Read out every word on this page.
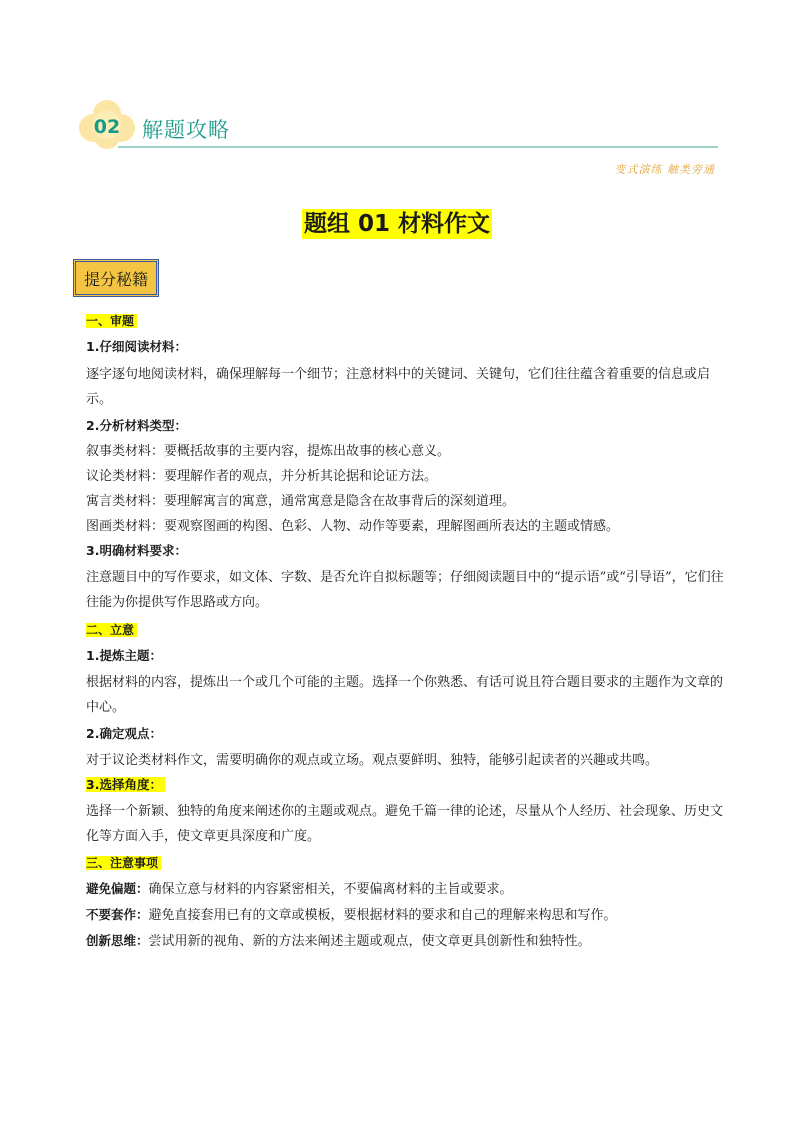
02 解题攻略
变式演练 触类旁通
题组 01 材料作文
提分秘籍
一、审题
1.仔细阅读材料：

逐字逐句地阅读材料，确保理解每一个细节；注意材料中的关键词、关键句，它们往往蕴含着重要的信息或启示。

2.分析材料类型：

叙事类材料：要概括故事的主要内容，提炼出故事的核心意义。

议论类材料：要理解作者的观点，并分析其论据和论证方法。

寓言类材料：要理解寓言的寓意，通常寓意是隐含在故事背后的深刻道理。

图画类材料：要观察图画的构图、色彩、人物、动作等要素，理解图画所表达的主题或情感。

3.明确材料要求：

注意题目中的写作要求，如文体、字数、是否允许自拟标题等；仔细阅读题目中的“提示语”或“引导语”，它们往往能为你提供写作思路或方向。

二、立意
1.提炼主题：

根据材料的内容，提炼出一个或几个可能的主题。选择一个你熟悉、有话可说且符合题目要求的主题作为文章的中心。

2.确定观点：

对于议论类材料作文，需要明确你的观点或立场。观点要鲜明、独特，能够引起读者的兴趣或共鸣。

3.选择角度：

选择一个新颖、独特的角度来阐述你的主题或观点。避免千篇一律的论述，尽量从个人经历、社会现象、历史文化等方面入手，使文章更具深度和广度。

三、注意事项

避免偏题：确保立意与材料的内容紧密相关，不要偏离材料的主旨或要求。

不要套作：避免直接套用已有的文章或模板，要根据材料的要求和自己的理解来构思和写作。

创新思维：尝试用新的视角、新的方法来阐述主题或观点，使文章更具创新性和独特性。
